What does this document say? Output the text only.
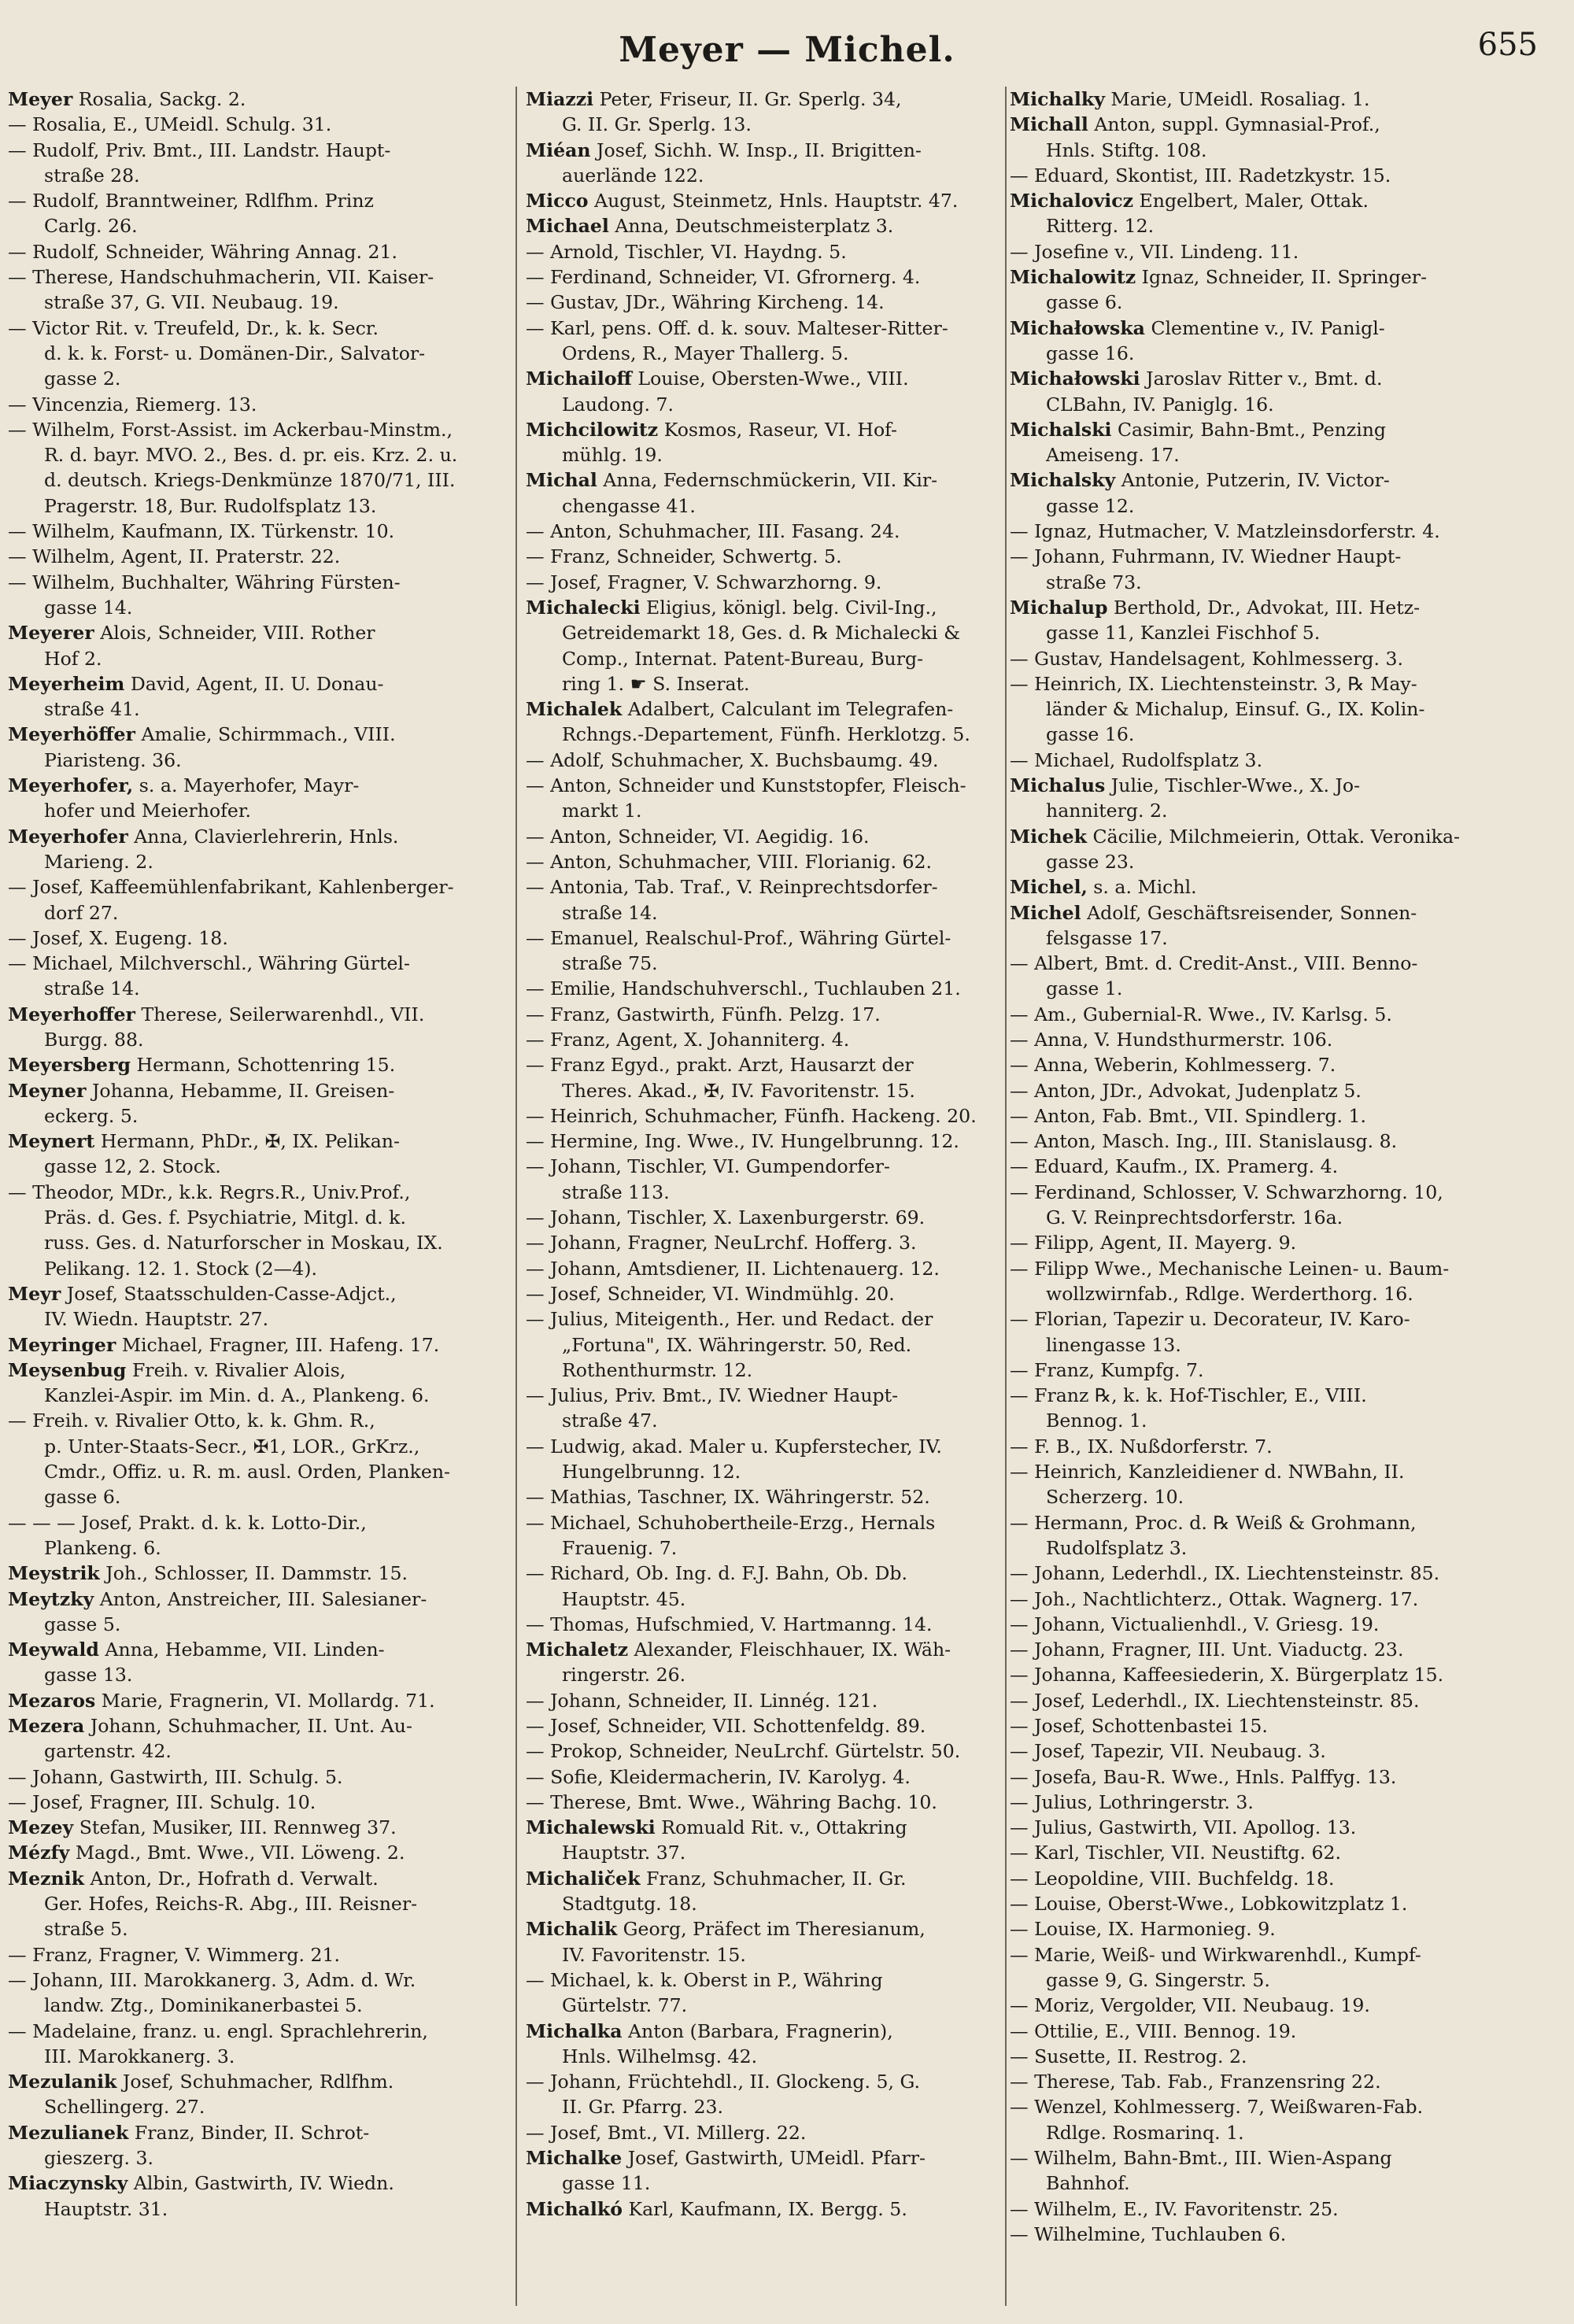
Meyer — Michel.	655
Meyer Rosalia, Sackg. 2.
— Rosalia, E., UMeidl. Schulg. 31.
— Rudolf, Priv. Bmt., III. Landstr. Haupt-
straße 28.
— Rudolf, Branntweiner, Rdlfhm. Prinz
Carlg. 26.
— Rudolf, Schneider, Währing Annag. 21.
— Therese, Handschuhmacherin, VII. Kaiser-
straße 37, G. VII. Neubaug. 19.
— Victor Rit. v. Treufeld, Dr., k. k. Secr.
d. k. k. Forst- u. Domänen-Dir., Salvator-
gasse 2.
— Vincenzia, Riemerg. 13.
— Wilhelm, Forst-Assist. im Ackerbau-Minstm.,
R. d. bayr. MVO. 2., Bes. d. pr. eis. Krz. 2. u.
d. deutsch. Kriegs-Denkmünze 1870/71, III.
Pragerstr. 18, Bur. Rudolfsplatz 13.
— Wilhelm, Kaufmann, IX. Türkenstr. 10.
— Wilhelm, Agent, II. Praterstr. 22.
— Wilhelm, Buchhalter, Währing Fürsten-
gasse 14.
Meyerer Alois, Schneider, VIII. Rother
Hof 2.
Meyerheim David, Agent, II. U. Donau-
straße 41.
Meyerhöffer Amalie, Schirmmach., VIII.
Piaristeng. 36.
Meyerhofer, s. a. Mayerhofer, Mayr-
hofer und Meierhofer.
Meyerhofer Anna, Clavierlehrerin, Hnls.
Marieng. 2.
— Josef, Kaffeemühlenfabrikant, Kahlenberger-
dorf 27.
— Josef, X. Eugeng. 18.
— Michael, Milchverschl., Währing Gürtel-
straße 14.
Meyerhoffer Therese, Seilerwarenhdl., VII.
Burgg. 88.
Meyersberg Hermann, Schottenring 15.
Meyner Johanna, Hebamme, II. Greisen-
eckerg. 5.
Meynert Hermann, PhDr., ✠, IX. Pelikan-
gasse 12, 2. Stock.
— Theodor, MDr., k.k. Regrs.R., Univ.Prof.,
Präs. d. Ges. f. Psychiatrie, Mitgl. d. k.
russ. Ges. d. Naturforscher in Moskau, IX.
Pelikang. 12. 1. Stock (2—4).
Meyr Josef, Staatsschulden-Casse-Adjct.,
IV. Wiedn. Hauptstr. 27.
Meyringer Michael, Fragner, III. Hafeng. 17.
Meysenbug Freih. v. Rivalier Alois,
Kanzlei-Aspir. im Min. d. A., Plankeng. 6.
— Freih. v. Rivalier Otto, k. k. Ghm. R.,
p. Unter-Staats-Secr., ✠1, LOR., GrKrz.,
Cmdr., Offiz. u. R. m. ausl. Orden, Planken-
gasse 6.
— — — Josef, Prakt. d. k. k. Lotto-Dir.,
Plankeng. 6.
Meystrik Joh., Schlosser, II. Dammstr. 15.
Meytzky Anton, Anstreicher, III. Salesianer-
gasse 5.
Meywald Anna, Hebamme, VII. Linden-
gasse 13.
Mezaros Marie, Fragnerin, VI. Mollardg. 71.
Mezera Johann, Schuhmacher, II. Unt. Au-
gartenstr. 42.
— Johann, Gastwirth, III. Schulg. 5.
— Josef, Fragner, III. Schulg. 10.
Mezey Stefan, Musiker, III. Rennweg 37.
Mézfy Magd., Bmt. Wwe., VII. Löweng. 2.
Meznik Anton, Dr., Hofrath d. Verwalt.
Ger. Hofes, Reichs-R. Abg., III. Reisner-
straße 5.
— Franz, Fragner, V. Wimmerg. 21.
— Johann, III. Marokkanerg. 3, Adm. d. Wr.
landw. Ztg., Dominikanerbastei 5.
— Madelaine, franz. u. engl. Sprachlehrerin,
III. Marokkanerg. 3.
Mezulanik Josef, Schuhmacher, Rdlfhm.
Schellingerg. 27.
Mezulianek Franz, Binder, II. Schrot-
gieszerg. 3.
Miaczynsky Albin, Gastwirth, IV. Wiedn.
Hauptstr. 31.
Miazzi Peter, Friseur, II. Gr. Sperlg. 34,
G. II. Gr. Sperlg. 13.
Miéan Josef, Sichh. W. Insp., II. Brigitten-
auerlände 122.
Micco August, Steinmetz, Hnls. Hauptstr. 47.
Michael Anna, Deutschmeisterplatz 3.
— Arnold, Tischler, VI. Haydng. 5.
— Ferdinand, Schneider, VI. Gfrornerg. 4.
— Gustav, JDr., Währing Kircheng. 14.
— Karl, pens. Off. d. k. souv. Malteser-Ritter-
Ordens, R., Mayer Thallerg. 5.
Michailoff Louise, Obersten-Wwe., VIII.
Laudong. 7.
Michcilowitz Kosmos, Raseur, VI. Hof-
mühlg. 19.
Michal Anna, Federnschmückerin, VII. Kir-
chengasse 41.
— Anton, Schuhmacher, III. Fasang. 24.
— Franz, Schneider, Schwertg. 5.
— Josef, Fragner, V. Schwarzhorng. 9.
Michalecki Eligius, königl. belg. Civil-Ing.,
Getreidemarkt 18, Ges. d. ℞ Michalecki &
Comp., Internat. Patent-Bureau, Burg-
ring 1. ☛ S. Inserat.
Michalek Adalbert, Calculant im Telegrafen-
Rchngs.-Departement, Fünfh. Herklotzg. 5.
— Adolf, Schuhmacher, X. Buchsbaumg. 49.
— Anton, Schneider und Kunststopfer, Fleisch-
markt 1.
— Anton, Schneider, VI. Aegidig. 16.
— Anton, Schuhmacher, VIII. Florianig. 62.
— Antonia, Tab. Traf., V. Reinprechtsdorfer-
straße 14.
— Emanuel, Realschul-Prof., Währing Gürtel-
straße 75.
— Emilie, Handschuhverschl., Tuchlauben 21.
— Franz, Gastwirth, Fünfh. Pelzg. 17.
— Franz, Agent, X. Johanniterg. 4.
— Franz Egyd., prakt. Arzt, Hausarzt der
Theres. Akad., ✠, IV. Favoritenstr. 15.
— Heinrich, Schuhmacher, Fünfh. Hackeng. 20.
— Hermine, Ing. Wwe., IV. Hungelbrunng. 12.
— Johann, Tischler, VI. Gumpendorfer-
straße 113.
— Johann, Tischler, X. Laxenburgerstr. 69.
— Johann, Fragner, NeuLrchf. Hofferg. 3.
— Johann, Amtsdiener, II. Lichtenauerg. 12.
— Josef, Schneider, VI. Windmühlg. 20.
— Julius, Miteigenth., Her. und Redact. der
„Fortuna", IX. Währingerstr. 50, Red.
Rothenthurmstr. 12.
— Julius, Priv. Bmt., IV. Wiedner Haupt-
straße 47.
— Ludwig, akad. Maler u. Kupferstecher, IV.
Hungelbrunng. 12.
— Mathias, Taschner, IX. Währingerstr. 52.
— Michael, Schuhobertheile-Erzg., Hernals
Frauenig. 7.
— Richard, Ob. Ing. d. F.J. Bahn, Ob. Db.
Hauptstr. 45.
— Thomas, Hufschmied, V. Hartmanng. 14.
Michaletz Alexander, Fleischhauer, IX. Wäh-
ringerstr. 26.
— Johann, Schneider, II. Linnég. 121.
— Josef, Schneider, VII. Schottenfeldg. 89.
— Prokop, Schneider, NeuLrchf. Gürtelstr. 50.
— Sofie, Kleidermacherin, IV. Karolyg. 4.
— Therese, Bmt. Wwe., Währing Bachg. 10.
Michalewski Romuald Rit. v., Ottakring
Hauptstr. 37.
Michaliček Franz, Schuhmacher, II. Gr.
Stadtgutg. 18.
Michalik Georg, Präfect im Theresianum,
IV. Favoritenstr. 15.
— Michael, k. k. Oberst in P., Währing
Gürtelstr. 77.
Michalka Anton (Barbara, Fragnerin),
Hnls. Wilhelmsg. 42.
— Johann, Früchtehdl., II. Glockeng. 5, G.
II. Gr. Pfarrg. 23.
— Josef, Bmt., VI. Millerg. 22.
Michalke Josef, Gastwirth, UMeidl. Pfarr-
gasse 11.
Michalkó Karl, Kaufmann, IX. Bergg. 5.
Michalky Marie, UMeidl. Rosaliag. 1.
Michall Anton, suppl. Gymnasial-Prof.,
Hnls. Stiftg. 108.
— Eduard, Skontist, III. Radetzkystr. 15.
Michalovicz Engelbert, Maler, Ottak.
Ritterg. 12.
— Josefine v., VII. Lindeng. 11.
Michalowitz Ignaz, Schneider, II. Springer-
gasse 6.
Michałowska Clementine v., IV. Panigl-
gasse 16.
Michałowski Jaroslav Ritter v., Bmt. d.
CLBahn, IV. Paniglg. 16.
Michalski Casimir, Bahn-Bmt., Penzing
Ameiseng. 17.
Michalsky Antonie, Putzerin, IV. Victor-
gasse 12.
— Ignaz, Hutmacher, V. Matzleinsdorferstr. 4.
— Johann, Fuhrmann, IV. Wiedner Haupt-
straße 73.
Michalup Berthold, Dr., Advokat, III. Hetz-
gasse 11, Kanzlei Fischhof 5.
— Gustav, Handelsagent, Kohlmesserg. 3.
— Heinrich, IX. Liechtensteinstr. 3, ℞ May-
länder & Michalup, Einsuf. G., IX. Kolin-
gasse 16.
— Michael, Rudolfsplatz 3.
Michalus Julie, Tischler-Wwe., X. Jo-
hanniterg. 2.
Michek Cäcilie, Milchmeierin, Ottak. Veronika-
gasse 23.
Michel, s. a. Michl.
Michel Adolf, Geschäftsreisender, Sonnen-
felsgasse 17.
— Albert, Bmt. d. Credit-Anst., VIII. Benno-
gasse 1.
— Am., Gubernial-R. Wwe., IV. Karlsg. 5.
— Anna, V. Hundsthurmerstr. 106.
— Anna, Weberin, Kohlmesserg. 7.
— Anton, JDr., Advokat, Judenplatz 5.
— Anton, Fab. Bmt., VII. Spindlerg. 1.
— Anton, Masch. Ing., III. Stanislausg. 8.
— Eduard, Kaufm., IX. Pramerg. 4.
— Ferdinand, Schlosser, V. Schwarzhorng. 10,
G. V. Reinprechtsdorferstr. 16a.
— Filipp, Agent, II. Mayerg. 9.
— Filipp Wwe., Mechanische Leinen- u. Baum-
wollzwirnfab., Rdlge. Werderthorg. 16.
— Florian, Tapezir u. Decorateur, IV. Karo-
linengasse 13.
— Franz, Kumpfg. 7.
— Franz ℞, k. k. Hof-Tischler, E., VIII.
Bennog. 1.
— F. B., IX. Nußdorferstr. 7.
— Heinrich, Kanzleidiener d. NWBahn, II.
Scherzerg. 10.
— Hermann, Proc. d. ℞ Weiß & Grohmann,
Rudolfsplatz 3.
— Johann, Lederhdl., IX. Liechtensteinstr. 85.
— Joh., Nachtlichterz., Ottak. Wagnerg. 17.
— Johann, Victualienhdl., V. Griesg. 19.
— Johann, Fragner, III. Unt. Viaductg. 23.
— Johanna, Kaffeesiederin, X. Bürgerplatz 15.
— Josef, Lederhdl., IX. Liechtensteinstr. 85.
— Josef, Schottenbastei 15.
— Josef, Tapezir, VII. Neubaug. 3.
— Josefa, Bau-R. Wwe., Hnls. Palffyg. 13.
— Julius, Lothringerstr. 3.
— Julius, Gastwirth, VII. Apollog. 13.
— Karl, Tischler, VII. Neustiftg. 62.
— Leopoldine, VIII. Buchfeldg. 18.
— Louise, Oberst-Wwe., Lobkowitzplatz 1.
— Louise, IX. Harmonieg. 9.
— Marie, Weiß- und Wirkwarenhdl., Kumpf-
gasse 9, G. Singerstr. 5.
— Moriz, Vergolder, VII. Neubaug. 19.
— Ottilie, E., VIII. Bennog. 19.
— Susette, II. Restrog. 2.
— Therese, Tab. Fab., Franzensring 22.
— Wenzel, Kohlmesserg. 7, Weißwaren-Fab.
Rdlge. Rosmarinq. 1.
— Wilhelm, Bahn-Bmt., III. Wien-Aspang
Bahnhof.
— Wilhelm, E., IV. Favoritenstr. 25.
— Wilhelmine, Tuchlauben 6.
